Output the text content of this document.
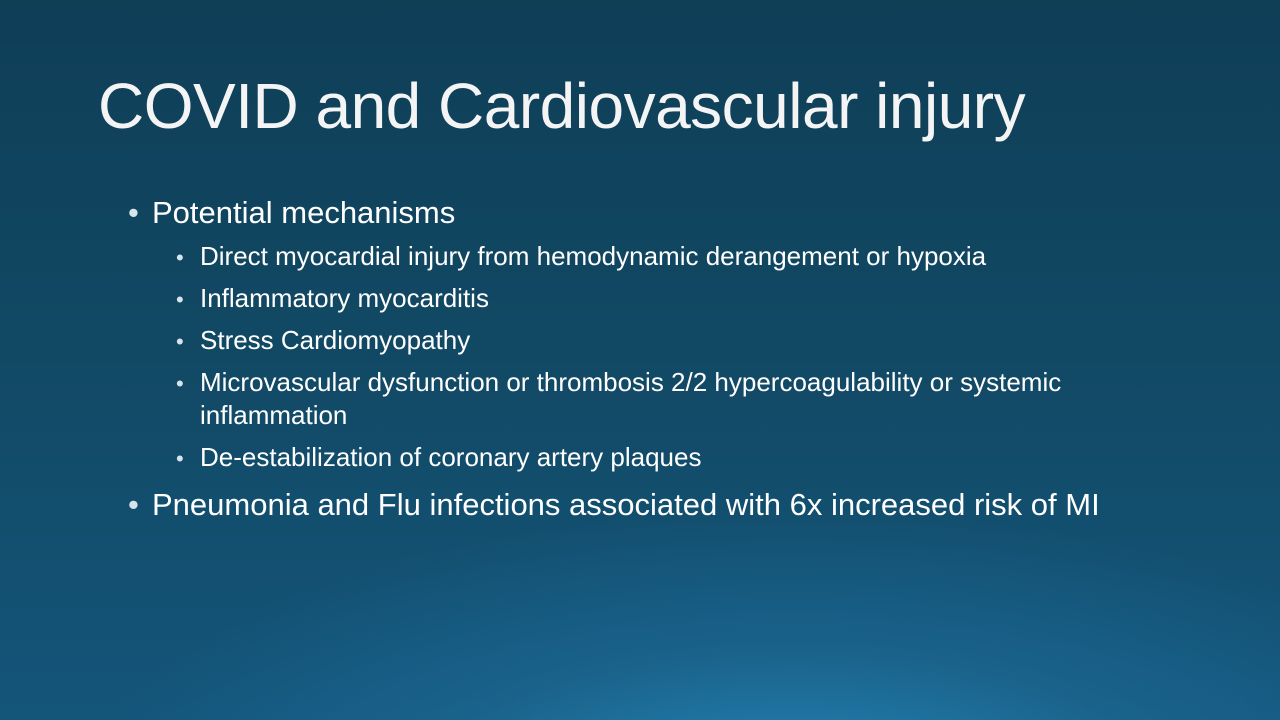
COVID and Cardiovascular injury
• Potential mechanisms
• Direct myocardial injury from hemodynamic derangement or hypoxia
• Inflammatory myocarditis
• Stress Cardiomyopathy
• Microvascular dysfunction or thrombosis 2/2 hypercoagulability or systemic inflammation
• De-estabilization of coronary artery plaques
• Pneumonia and Flu infections associated with 6x increased risk of MI
